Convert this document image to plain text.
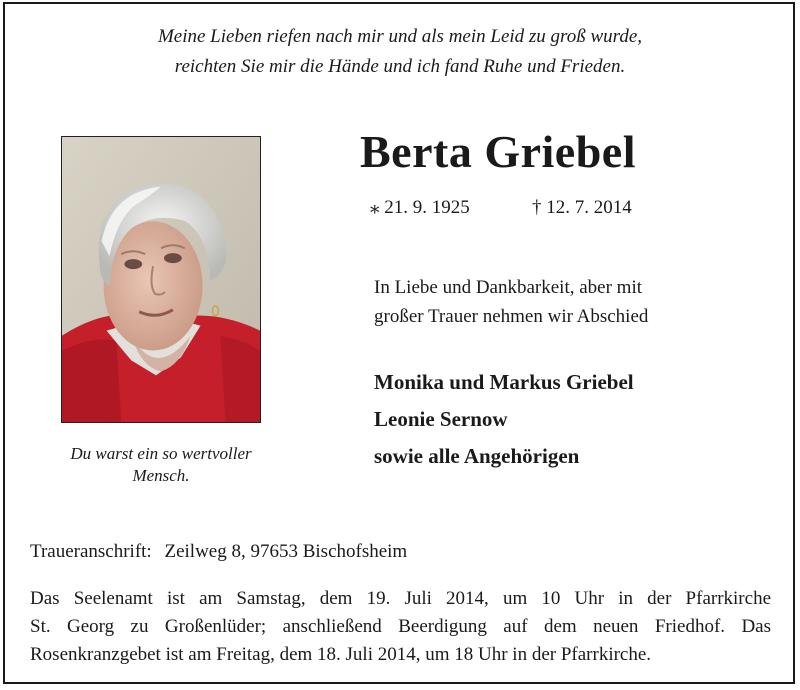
Meine Lieben riefen nach mir und als mein Leid zu groß wurde,
reichten Sie mir die Hände und ich fand Ruhe und Frieden.

Du warst ein so wertvoller
Mensch.

Berta Griebel
⁎ 21. 9. 1925	† 12. 7. 2014

In Liebe und Dankbarkeit, aber mit
großer Trauer nehmen wir Abschied

Monika und Markus Griebel
Leonie Sernow
sowie alle Angehörigen
Traueranschrift: Zeilweg 8, 97653 Bischofsheim

Das Seelenamt ist am Samstag, dem 19. Juli 2014, um 10 Uhr in der Pfarrkirche
St. Georg zu Großenlüder; anschließend Beerdigung auf dem neuen Friedhof. Das
Rosenkranzgebet ist am Freitag, dem 18. Juli 2014, um 18 Uhr in der Pfarrkirche.
